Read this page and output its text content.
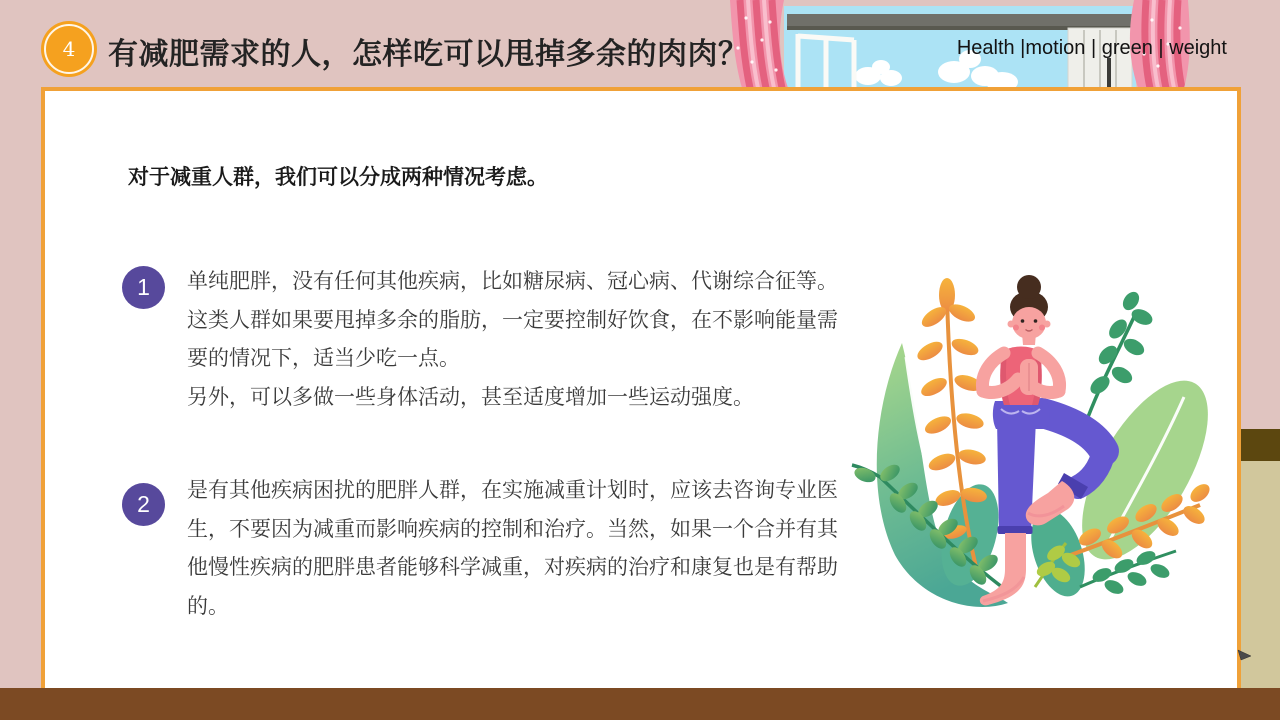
4 有减肥需求的人，怎样吃可以甩掉多余的肉肉？	Health |motion | green | weight
对于减重人群，我们可以分成两种情况考虑。
1 单纯肥胖，没有任何其他疾病，比如糖尿病、冠心病、代谢综合征等。
这类人群如果要甩掉多余的脂肪，一定要控制好饮食，在不影响能量需
要的情况下，适当少吃一点。
另外，可以多做一些身体活动，甚至适度增加一些运动强度。
2
是有其他疾病困扰的肥胖人群，在实施减重计划时，应该去咨询专业医
生，不要因为减重而影响疾病的控制和治疗。当然，如果一个合并有其
他慢性疾病的肥胖患者能够科学减重，对疾病的治疗和康复也是有帮助
的。
